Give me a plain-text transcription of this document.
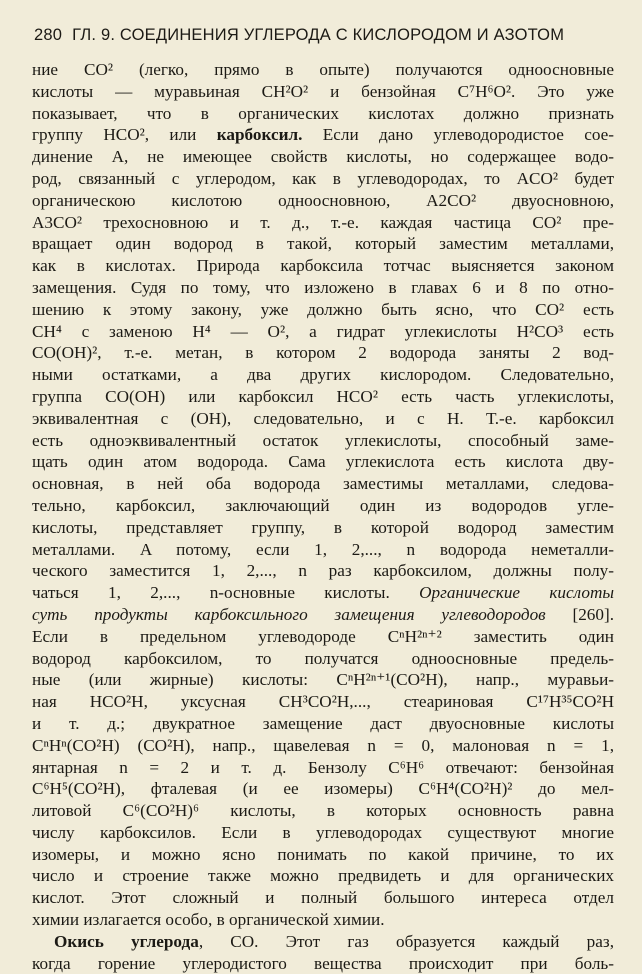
280 ГЛ. 9. СОЕДИНЕНИЯ УГЛЕРОДА С КИСЛОРОДОМ И АЗОТОМ

ние CO² (легко, прямо в опыте) получаются одноосновные
кислоты — муравьиная CH²O² и бензойная C⁷H⁶O². Это уже
показывает, что в органических кислотах должно признать
группу HCO², или карбоксил. Если дано углеводородистое сое-
динение A, не имеющее свойств кислоты, но содержащее водо-
род, связанный с углеродом, как в углеводородах, то ACO² будет
органическою кислотою одноосновною, A2CO² двуосновною,
A3CO² трехосновною и т. д., т.-е. каждая частица CO² пре-
вращает один водород в такой, который заместим металлами,
как в кислотах. Природа карбоксила тотчас выясняется законом
замещения. Судя по тому, что изложено в главах 6 и 8 по отно-
шению к этому закону, уже должно быть ясно, что CO² есть
CH⁴ с заменою H⁴ — O², а гидрат углекислоты H²CO³ есть
CO(OH)², т.-е. метан, в котором 2 водорода заняты 2 вод-
ными остатками, а два других кислородом. Следовательно,
группа CO(OH) или карбоксил HCO² есть часть углекислоты,
эквивалентная с (OH), следовательно, и с H. Т.-е. карбоксил
есть одноэквивалентный остаток углекислоты, способный заме-
щать один атом водорода. Сама углекислота есть кислота дву-
основная, в ней оба водорода заместимы металлами, следова-
тельно, карбоксил, заключающий один из водородов угле-
кислоты, представляет группу, в которой водород заместим
металлами. A потому, если 1, 2,..., n водорода неметалли-
ческого заместится 1, 2,..., n раз карбоксилом, должны полу-
чаться 1, 2,..., n-основные кислоты. Органические кислоты
суть продукты карбоксильного замещения углеводородов [260].
Если в предельном углеводороде CⁿH²ⁿ⁺² заместить один
водород карбоксилом, то получатся одноосновные предель-
ные (или жирные) кислоты: CⁿH²ⁿ⁺¹(CO²H), напр., муравьи-
ная HCO²H, уксусная CH³CO²H,..., стеариновая C¹⁷H³⁵CO²H
и т. д.; двукратное замещение даст двуосновные кислоты
CⁿHⁿ(CO²H) (CO²H), напр., щавелевая n = 0, малоновая n = 1,
янтарная n = 2 и т. д. Бензолу C⁶H⁶ отвечают: бензойная
C⁶H⁵(CO²H), фталевая (и ее изомеры) C⁶H⁴(CO²H)² до мел-
литовой C⁶(CO²H)⁶ кислоты, в которых основность равна
числу карбоксилов. Если в углеводородах существуют многие
изомеры, и можно ясно понимать по какой причине, то их
число и строение также можно предвидеть и для органических
кислот. Этот сложный и полный большого интереса отдел
химии излагается особо, в органической химии.

Окись углерода, CO. Этот газ образуется каждый раз,
когда горение углеродистого вещества происходит при боль-
